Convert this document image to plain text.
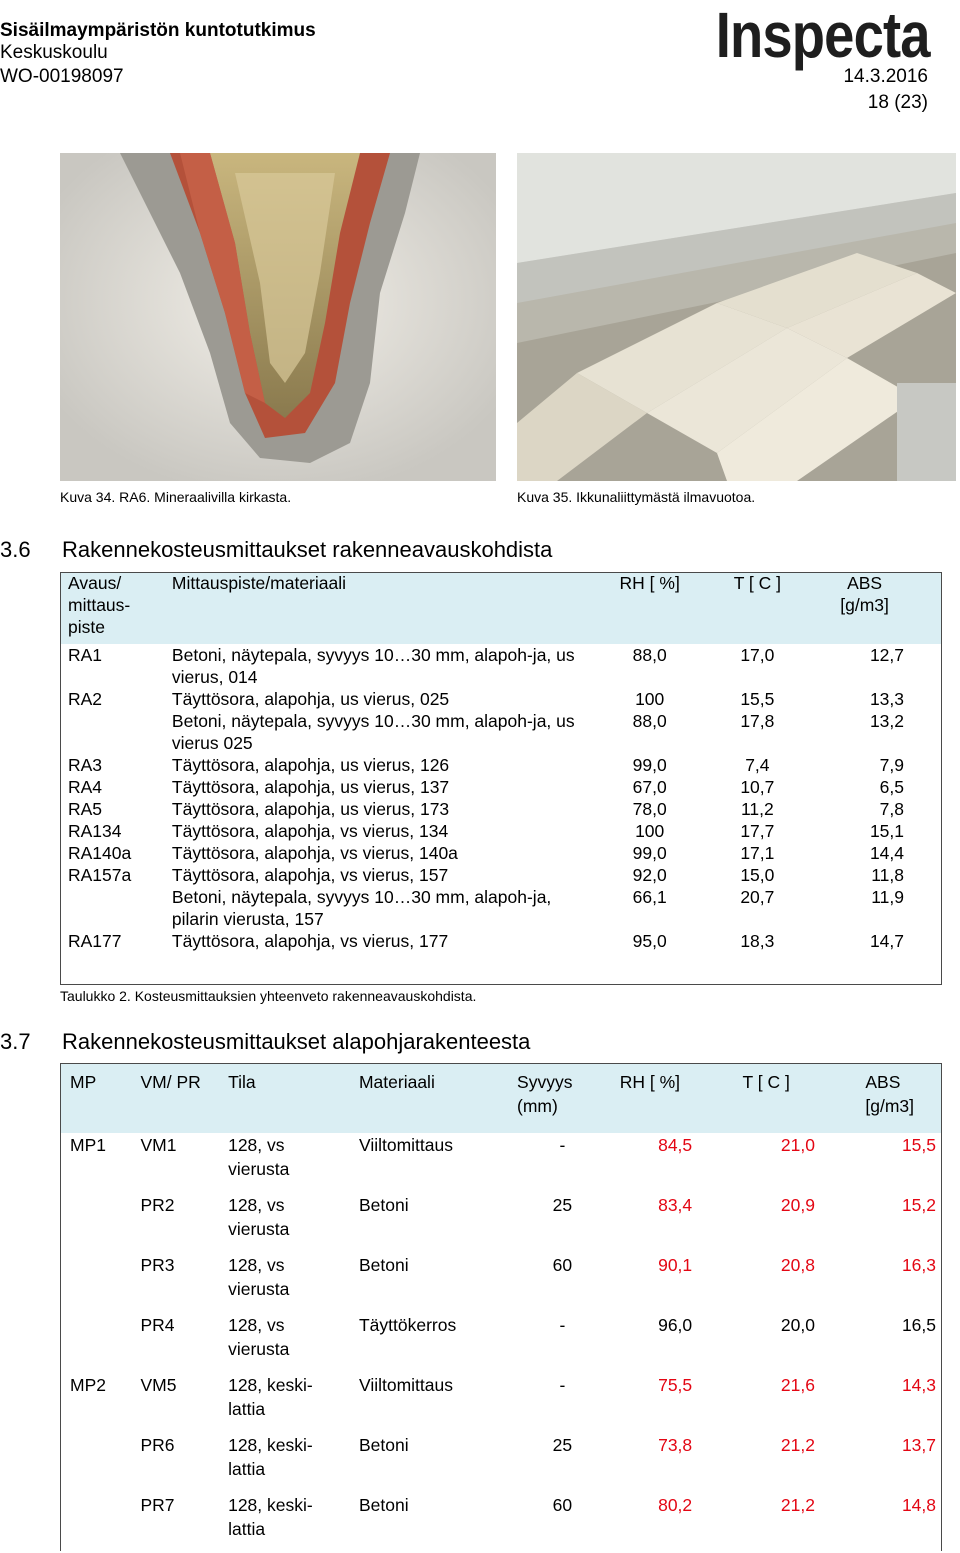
Sisäilmaympäristön kuntotutkimus
Keskuskoulu
WO-00198097	14.3.2016
18 (23)
Inspecta
Kuva 34. RA6. Mineraalivilla kirkasta.	Kuva 35. Ikkunaliittymästä ilmavuotoa.
3.6 Rakennekosteusmittaukset rakenneavauskohdista
Avaus/ mittaus-piste	Mittauspiste/materiaali	RH [ %]	T [ C ]	ABS
[g/m3]
RA1	Betoni, näytepala, syvyys 10…30 mm, alapoh-ja, us vierus, 014	88,0	17,0	12,7
RA2	Täyttösora, alapohja, us vierus, 025	100	15,5	13,3
	Betoni, näytepala, syvyys 10…30 mm, alapoh-ja, us vierus 025	88,0	17,8	13,2
RA3	Täyttösora, alapohja, us vierus, 126	99,0	7,4	7,9
RA4	Täyttösora, alapohja, us vierus, 137	67,0	10,7	6,5
RA5	Täyttösora, alapohja, us vierus, 173	78,0	11,2	7,8
RA134	Täyttösora, alapohja, vs vierus, 134	100	17,7	15,1
RA140a	Täyttösora, alapohja, vs vierus, 140a	99,0	17,1	14,4
RA157a	Täyttösora, alapohja, vs vierus, 157	92,0	15,0	11,8
	Betoni, näytepala, syvyys 10…30 mm, alapoh-ja, pilarin vierusta, 157	66,1	20,7	11,9
RA177	Täyttösora, alapohja, vs vierus, 177	95,0	18,3	14,7
Taulukko 2. Kosteusmittauksien yhteenveto rakenneavauskohdista.
3.7 Rakennekosteusmittaukset alapohjarakenteesta
MP	VM/ PR	Tila	Materiaali	Syvyys (mm)	RH [ %]	T [ C ]	ABS
[g/m3]
MP1	VM1	128, vs vierusta	Viiltomittaus	-	84,5	21,0	15,5
	PR2	128, vs vierusta	Betoni	25	83,4	20,9	15,2
	PR3	128, vs vierusta	Betoni	60	90,1	20,8	16,3
	PR4	128, vs vierusta	Täyttökerros	-	96,0	20,0	16,5
MP2	VM5	128, keski-lattia	Viiltomittaus	-	75,5	21,6	14,3
	PR6	128, keski-lattia	Betoni	25	73,8	21,2	13,7
	PR7	128, keski-lattia	Betoni	60	80,2	21,2	14,8
